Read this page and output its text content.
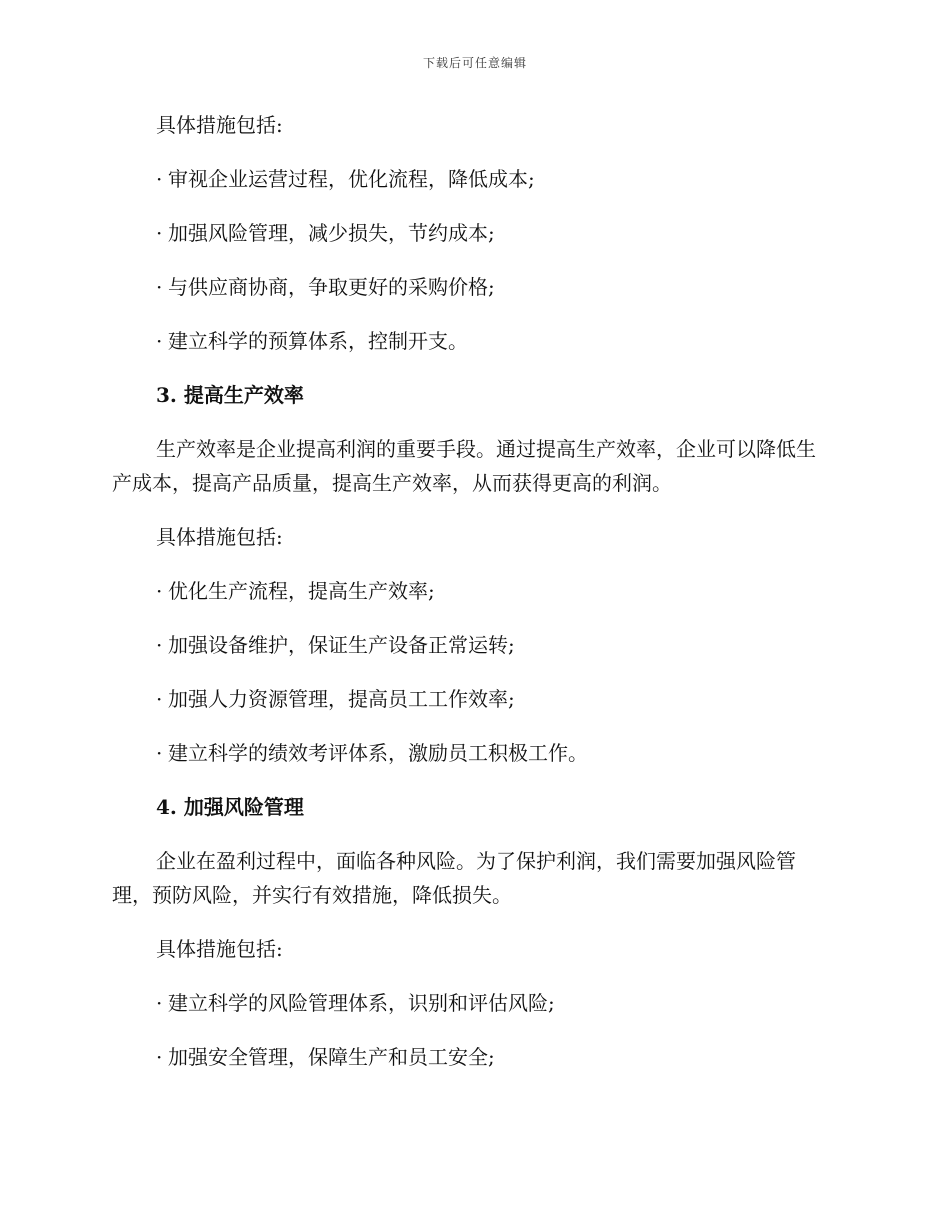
下载后可任意编辑

具体措施包括:

· 审视企业运营过程，优化流程，降低成本;

· 加强风险管理，减少损失，节约成本;

· 与供应商协商，争取更好的采购价格;

· 建立科学的预算体系，控制开支。

3. 提高生产效率

生产效率是企业提高利润的重要手段。通过提高生产效率，企业可以降低生产成本，提高产品质量，提高生产效率，从而获得更高的利润。

具体措施包括:

· 优化生产流程，提高生产效率;

· 加强设备维护，保证生产设备正常运转;

· 加强人力资源管理，提高员工工作效率;

· 建立科学的绩效考评体系，激励员工积极工作。

4. 加强风险管理

企业在盈利过程中，面临各种风险。为了保护利润，我们需要加强风险管理，预防风险，并实行有效措施，降低损失。

具体措施包括:

· 建立科学的风险管理体系，识别和评估风险;

· 加强安全管理，保障生产和员工安全;
